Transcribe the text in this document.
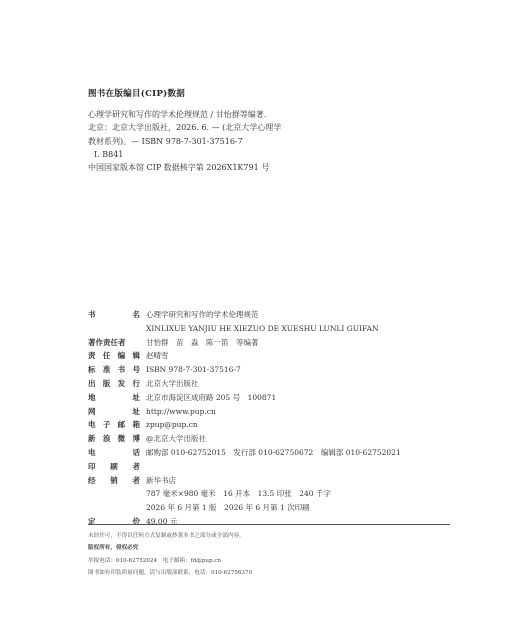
图书在版编目(CIP)数据
心理学研究和写作的学术伦理规范 / 甘怡群等编著.
北京：北京大学出版社，2026. 6. — (北京大学心理学
教材系列)。— ISBN 978-7-301-37516-7
Ⅰ. B841
中国国家版本馆 CIP 数据核字第 2026X1K791 号
书	名 心理学研究和写作的学术伦理规范
XINLIXUE YANJIU HE XIEZUO DE XUESHU LUNLI GUIFAN
著作责任者	甘怡群　苗　淼　陈一笛　等编著
责 任 编 辑 赵晴雪
标 准 书 号 ISBN 978-7-301-37516-7
出 版 发 行 北京大学出版社
地	址 北京市海淀区成府路 205 号　100871
网	址 http://www.pup.cn
电 子 邮 箱 zpup@pup.cn
新 浪 微 博 @北京大学出版社
电	话 邮购部 010-62752015　发行部 010-62750672　编辑部 010-62752021
印 刷 者
经 销 者 新华书店
787 毫米×980 毫米　16 开本　13.5 印张　240 千字
2026 年 6 月第 1 版　2026 年 6 月第 1 次印刷
定	价 49.00 元
未经许可，不得以任何方式复制或抄袭本书之部分或全部内容。
版权所有，侵权必究
举报电话：010-62752024　电子邮箱：fd@pup.cn
图书如有印装质量问题，请与出版部联系，电话：010-62756370
